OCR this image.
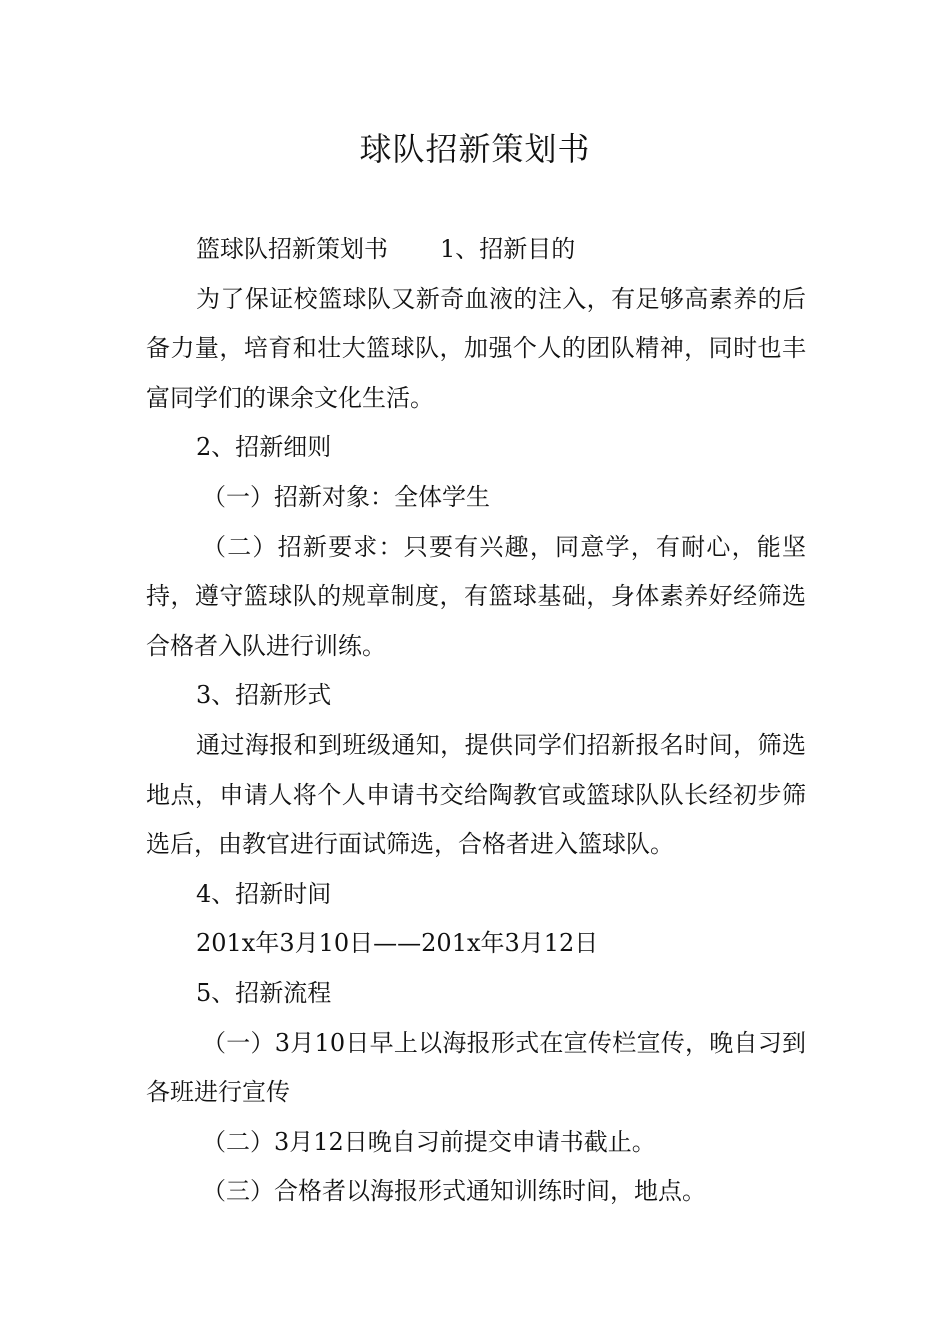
球队招新策划书

篮球队招新策划书 1、招新目的

为了保证校篮球队又新奇血液的注入，有足够高素养的后备力量，培育和壮大篮球队，加强个人的团队精神，同时也丰富同学们的课余文化生活。

2、招新细则

（一）招新对象：全体学生

（二）招新要求：只要有兴趣，同意学，有耐心，能坚持，遵守篮球队的规章制度，有篮球基础，身体素养好经筛选合格者入队进行训练。

3、招新形式

通过海报和到班级通知，提供同学们招新报名时间，筛选地点，申请人将个人申请书交给陶教官或篮球队队长经初步筛选后，由教官进行面试筛选，合格者进入篮球队。

4、招新时间

201x年3月10日——201x年3月12日

5、招新流程

（一）3月10日早上以海报形式在宣传栏宣传，晚自习到各班进行宣传

（二）3月12日晚自习前提交申请书截止。

（三）合格者以海报形式通知训练时间，地点。
